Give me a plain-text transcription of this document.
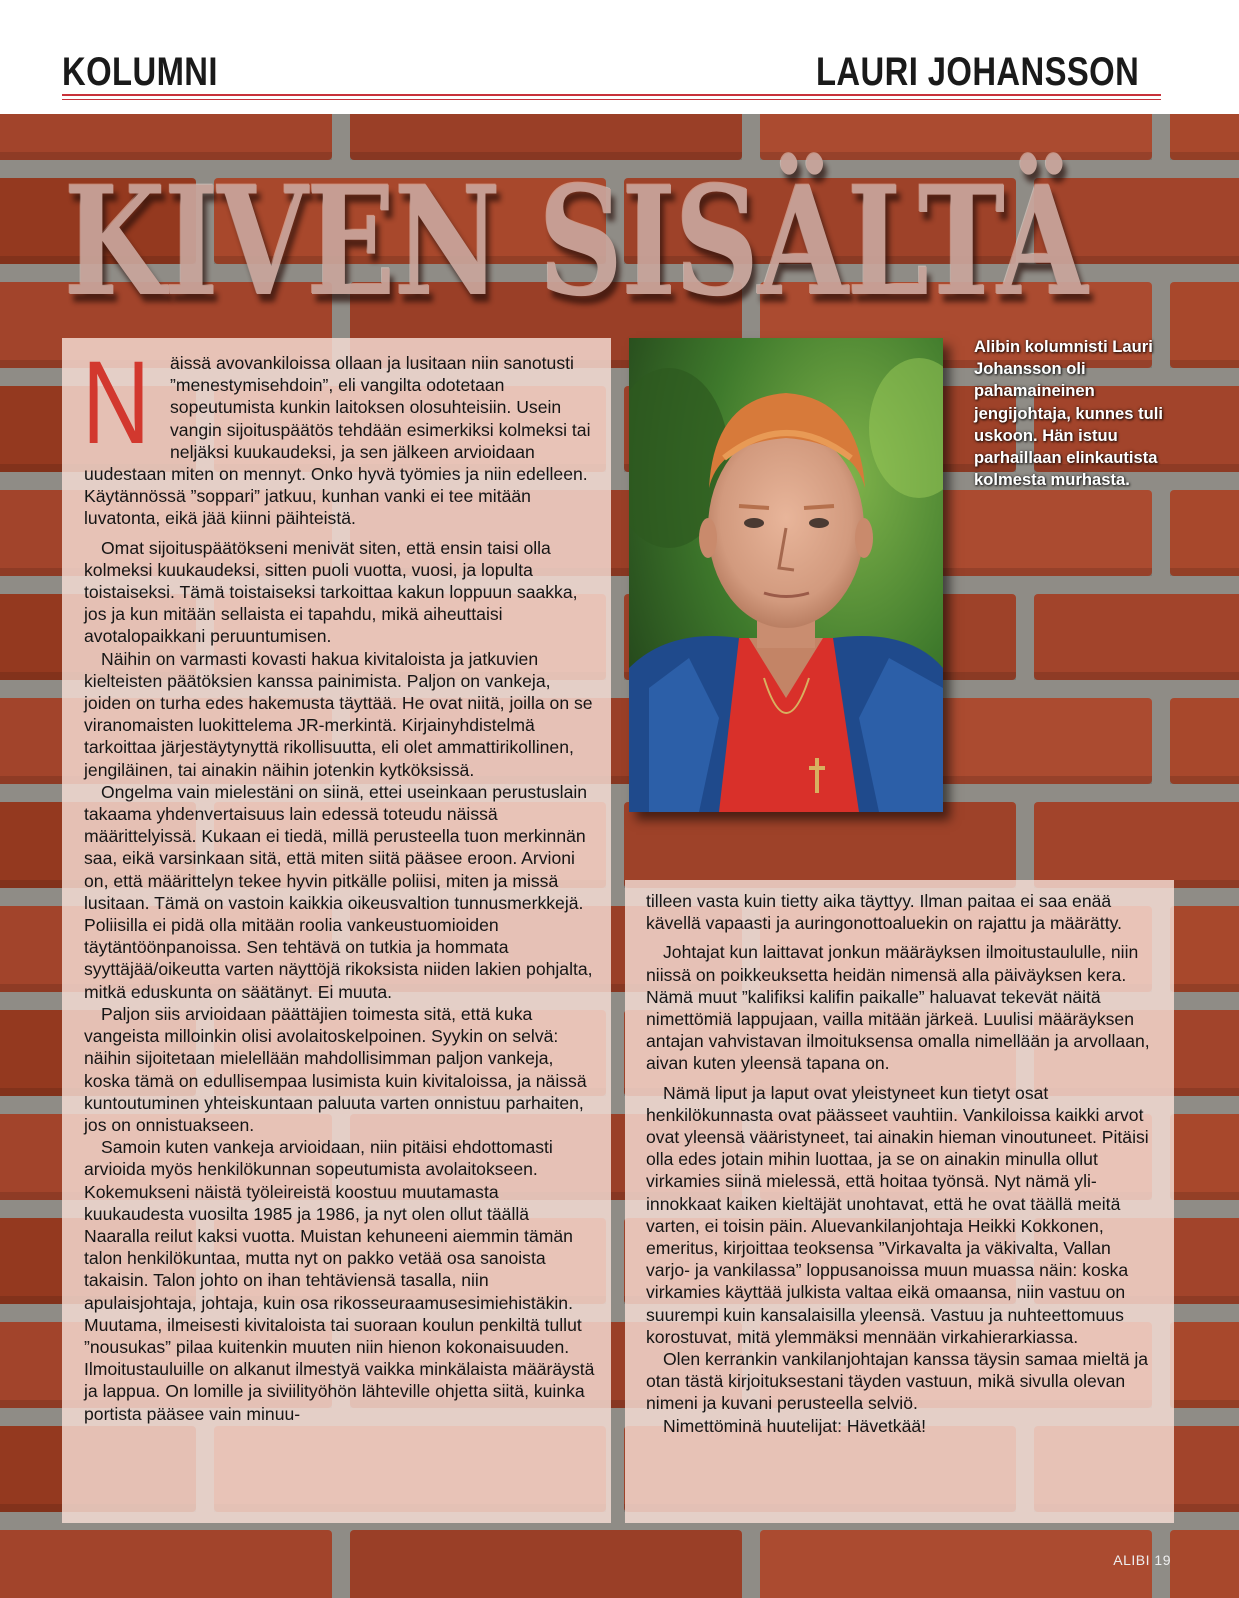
KOLUMNI	LAURI JOHANSSON
KIVEN SISÄLTÄ
Alibin kolumnisti Lauri Johansson oli pahamaineinen jengijohtaja, kunnes tuli uskoon. Hän istuu parhaillaan elinkautista kolmesta murhasta.

N äissä avovankiloissa ollaan ja lusitaan niin sanotusti ”menestymisehdoin”, eli vangilta odotetaan sopeutumista kunkin laitoksen olosuhteisiin. Usein vangin sijoituspäätös tehdään esimerkiksi kolmeksi tai neljäksi kuukaudeksi, ja sen jälkeen arvioidaan uudestaan miten on mennyt. Onko hyvä työmies ja niin edelleen. Käytännössä ”soppari” jatkuu, kunhan vanki ei tee mitään luvatonta, eikä jää kiinni päihteistä.

Omat sijoituspäätökseni menivät siten, että ensin taisi olla kolmeksi kuukaudeksi, sitten puoli vuotta, vuosi, ja lopulta toistaiseksi. Tämä toistaiseksi tarkoittaa kakun loppuun saakka, jos ja kun mitään sellaista ei tapahdu, mikä aiheuttaisi avotalopaikkani peruuntumisen.

Näihin on varmasti kovasti hakua kivitaloista ja jatkuvien kielteisten päätöksien kanssa painimista. Paljon on vankeja, joiden on turha edes hakemusta täyttää. He ovat niitä, joilla on se viranomaisten luokittelema JR-merkintä. Kirjainyhdistelmä tarkoittaa järjestäytynyttä rikollisuutta, eli olet ammattirikollinen, jengiläinen, tai ainakin näihin jotenkin kytköksissä.

Ongelma vain mielestäni on siinä, ettei useinkaan perustuslain takaama yhdenvertaisuus lain edessä toteudu näissä määrittelyissä. Kukaan ei tiedä, millä perusteella tuon merkinnän saa, eikä varsinkaan sitä, että miten siitä pääsee eroon. Arvioni on, että määrittelyn tekee hyvin pitkälle poliisi, miten ja missä lusitaan. Tämä on vastoin kaikkia oikeusvaltion tunnusmerkkejä. Poliisilla ei pidä olla mitään roolia vankeustuomioiden täytäntöönpanoissa. Sen tehtävä on tutkia ja hommata syyttäjää/oikeutta varten näyttöjä rikoksista niiden lakien pohjalta, mitkä eduskunta on säätänyt. Ei muuta.

Paljon siis arvioidaan päättäjien toimesta sitä, että kuka vangeista milloinkin olisi avolaitoskelpoinen. Syykin on selvä: näihin sijoitetaan mielellään mahdollisimman paljon vankeja, koska tämä on edullisempaa lusimista kuin kivitaloissa, ja näissä kuntoutuminen yhteiskuntaan paluuta varten onnistuu parhaiten, jos on onnistuakseen.

Samoin kuten vankeja arvioidaan, niin pitäisi ehdottomasti arvioida myös henkilökunnan sopeutumista avolaitokseen. Kokemukseni näistä työleireistä koostuu muutamasta kuukaudesta vuosilta 1985 ja 1986, ja nyt olen ollut täällä Naaralla reilut kaksi vuotta. Muistan kehuneeni aiemmin tämän talon henkilökuntaa, mutta nyt on pakko vetää osa sanoista takaisin. Talon johto on ihan tehtäviensä tasalla, niin apulaisjohtaja, johtaja, kuin osa rikosseuraamusesimiehistäkin. Muutama, ilmeisesti kivitaloista tai suoraan koulun penkiltä tullut ”nousukas” pilaa kuitenkin muuten niin hienon kokonaisuuden. Ilmoitustauluille on alkanut ilmestyä vaikka minkälaista määräystä ja lappua. On lomille ja siviilityöhön lähteville ohjetta siitä, kuinka portista pääsee vain minuu-

tilleen vasta kuin tietty aika täyttyy. Ilman paitaa ei saa enää kävellä vapaasti ja auringonottoaluekin on rajattu ja määrätty.

Johtajat kun laittavat jonkun määräyksen ilmoitustaululle, niin niissä on poikkeuksetta heidän nimensä alla päiväyksen kera. Nämä muut ”kalifiksi kalifin paikalle” haluavat tekevät näitä nimettömiä lappujaan, vailla mitään järkeä. Luulisi määräyksen antajan vahvistavan ilmoituksensa omalla nimellään ja arvollaan, aivan kuten yleensä tapana on.

Nämä liput ja laput ovat yleistyneet kun tietyt osat henkilökunnasta ovat päässeet vauhtiin. Vankiloissa kaikki arvot ovat yleensä vääristyneet, tai ainakin hieman vinoutuneet. Pitäisi olla edes jotain mihin luottaa, ja se on ainakin minulla ollut virkamies siinä mielessä, että hoitaa työnsä. Nyt nämä yli-innokkaat kaiken kieltäjät unohtavat, että he ovat täällä meitä varten, ei toisin päin. Aluevankilanjohtaja Heikki Kokkonen, emeritus, kirjoittaa teoksensa ”Virkavalta ja väkivalta, Vallan varjo- ja vankilassa” loppusanoissa muun muassa näin: koska virkamies käyttää julkista valtaa eikä omaansa, niin vastuu on suurempi kuin kansalaisilla yleensä. Vastuu ja nuhteettomuus korostuvat, mitä ylemmäksi mennään virkahierarkiassa.

Olen kerrankin vankilanjohtajan kanssa täysin samaa mieltä ja otan tästä kirjoituksestani täyden vastuun, mikä sivulla olevan nimeni ja kuvani perusteella selviö.

Nimettöminä huutelijat: Hävetkää!

ALIBI 19
